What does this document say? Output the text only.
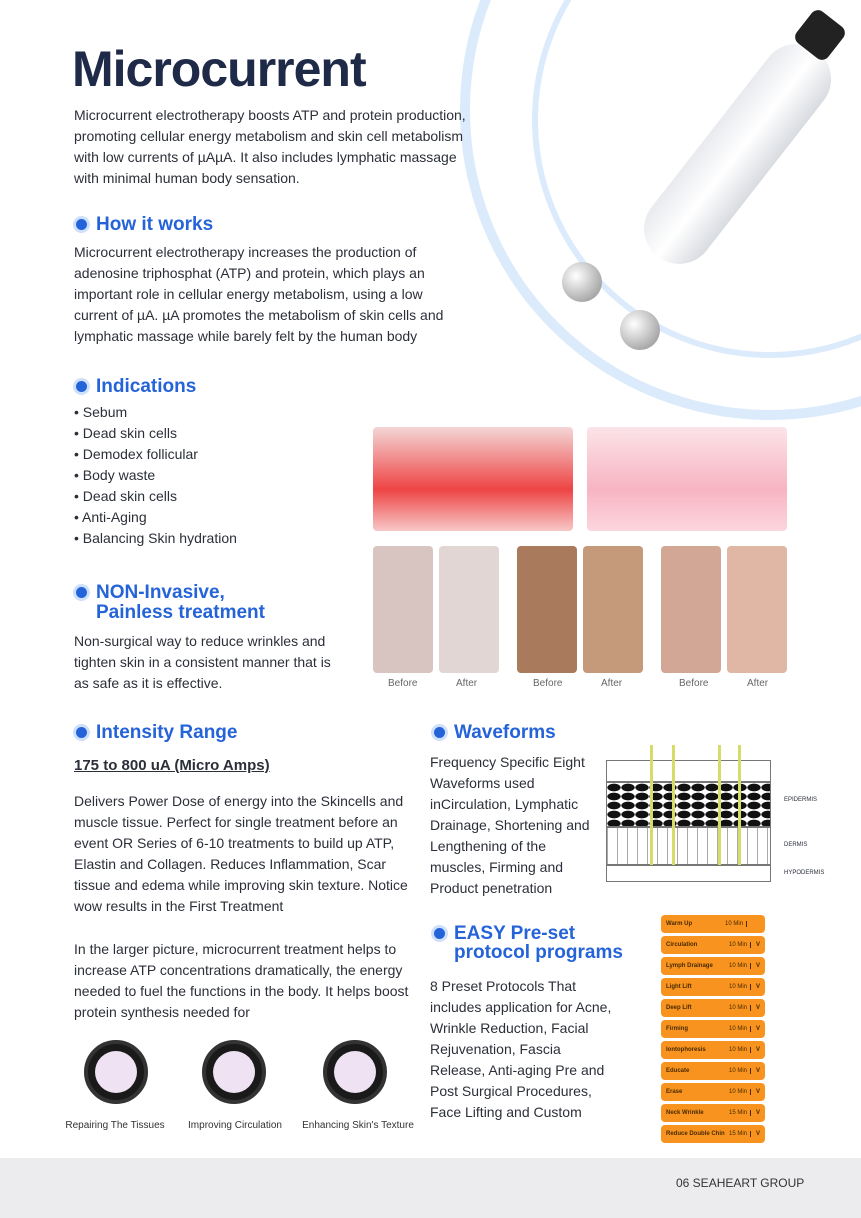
Microcurrent
Microcurrent electrotherapy boosts ATP and protein production, promoting cellular energy metabolism and skin cell metabolism with low currents of µAµA. It also includes lymphatic massage with minimal human body sensation.
How it works
Microcurrent electrotherapy increases the production of adenosine triphosphat (ATP) and protein, which plays an important role in cellular energy metabolism, using a low current of µA. µA promotes the metabolism of skin cells and lymphatic massage while barely felt by the human body
Indications
• Sebum
• Dead skin cells
• Demodex follicular
• Body waste
• Dead skin cells
• Anti-Aging
• Balancing Skin hydration
Before	After	Before	After	Before	After
NON-Invasive,
Painless treatment
Non-surgical way to reduce wrinkles and tighten skin in a consistent manner that is as safe as it is effective.
Intensity Range
175 to 800 uA (Micro Amps)
Delivers Power Dose of energy into the Skincells and muscle tissue. Perfect for single treatment before an event OR Series of 6-10 treatments to build up ATP, Elastin and Collagen. Reduces Inflammation, Scar tissue and edema while improving skin texture. Notice wow results in the First Treatment
In the larger picture, microcurrent treatment helps to increase ATP concentrations dramatically, the energy needed to fuel the functions in the body. It helps boost protein synthesis needed for
Repairing The Tissues	Improving Circulation	Enhancing Skin's Texture
Waveforms
Frequency Specific Eight Waveforms used inCirculation, Lymphatic Drainage, Shortening and Lengthening of the muscles, Firming and Product penetration
EPIDERMIS
DERMIS
HYPODERMIS
EASY Pre-set
protocol programs
8 Preset Protocols That includes application for Acne, Wrinkle Reduction, Facial Rejuvenation, Fascia Release, Anti-aging Pre and Post Surgical Procedures, Face Lifting and Custom
Warm Up	10 Min
Circulation	10 Min	V
Lymph Drainage	10 Min	V
Light Lift	10 Min	V
Deep Lift	10 Min	V
Firming	10 Min	V
Iontophoresis	10 Min	V
Educate	10 Min	V
Erase	10 Min	V
Neck Wrinkle	15 Min	V
Reduce Double Chin 15 Min	V
06 SEAHEART GROUP
